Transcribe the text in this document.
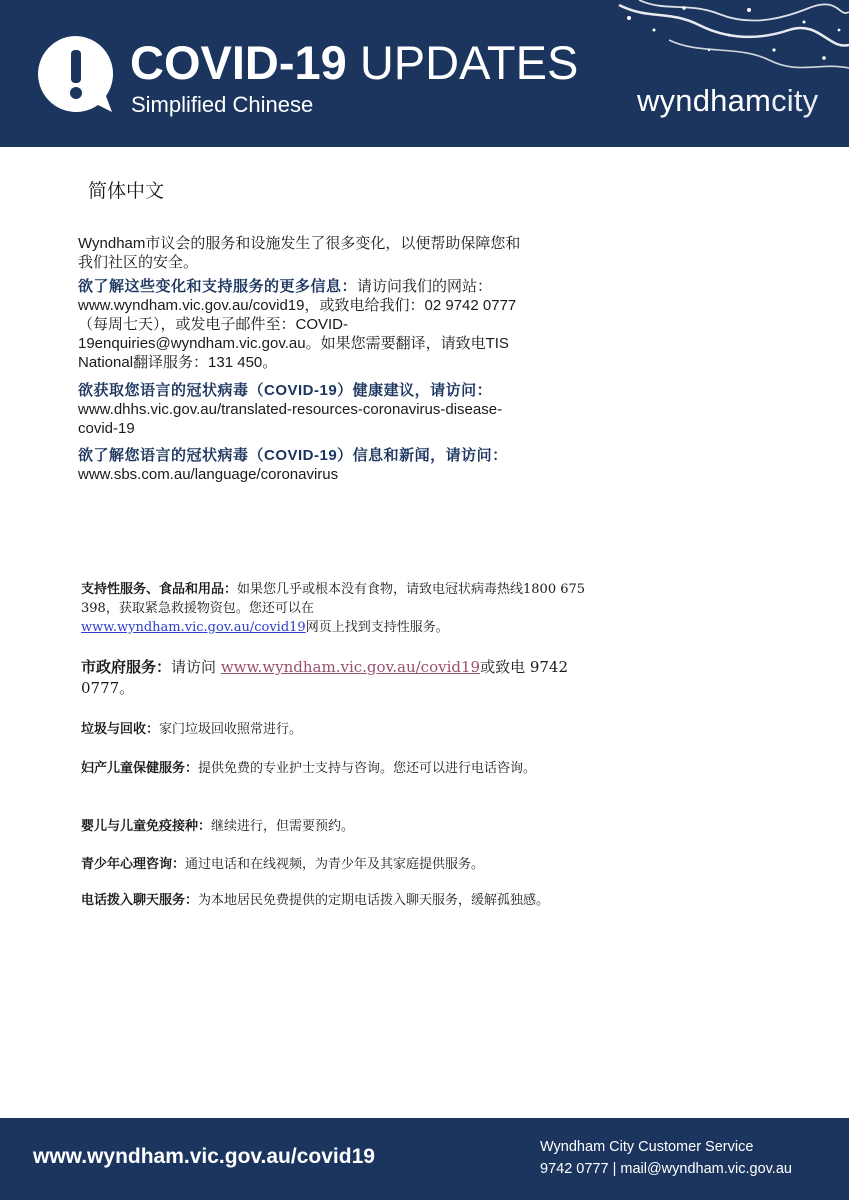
COVID-19 UPDATES
Simplified Chinese	wyndhamcity
简体中文
Wyndham市议会的服务和设施发生了很多变化，以便帮助保障您和我们社区的安全。
欲了解这些变化和支持服务的更多信息：请访问我们的网站：www.wyndham.vic.gov.au/covid19，或致电给我们：02 9742 0777 （每周七天），或发电子邮件至：COVID-19enquiries@wyndham.vic.gov.au。如果您需要翻译，请致电TIS National翻译服务：131 450。
欲获取您语言的冠状病毒（COVID-19）健康建议，请访问：
www.dhhs.vic.gov.au/translated-resources-coronavirus-disease-covid-19
欲了解您语言的冠状病毒（COVID-19）信息和新闻，请访问： www.sbs.com.au/language/coronavirus
支持性服务、食品和用品：如果您几乎或根本没有食物，请致电冠状病毒热线1800 675 398，获取紧急救援物资包。您还可以在
www.wyndham.vic.gov.au/covid19网页上找到支持性服务。
市政府服务：请访问 www.wyndham.vic.gov.au/covid19或致电 9742 0777。
垃圾与回收：家门垃圾回收照常进行。
妇产儿童保健服务：提供免费的专业护士支持与咨询。您还可以进行电话咨询。
婴儿与儿童免疫接种：继续进行，但需要预约。
青少年心理咨询：通过电话和在线视频，为青少年及其家庭提供服务。
电话拨入聊天服务：为本地居民免费提供的定期电话拨入聊天服务，缓解孤独感。
www.wyndham.vic.gov.au/covid19	Wyndham City Customer Service
9742 0777 | mail@wyndham.vic.gov.au
